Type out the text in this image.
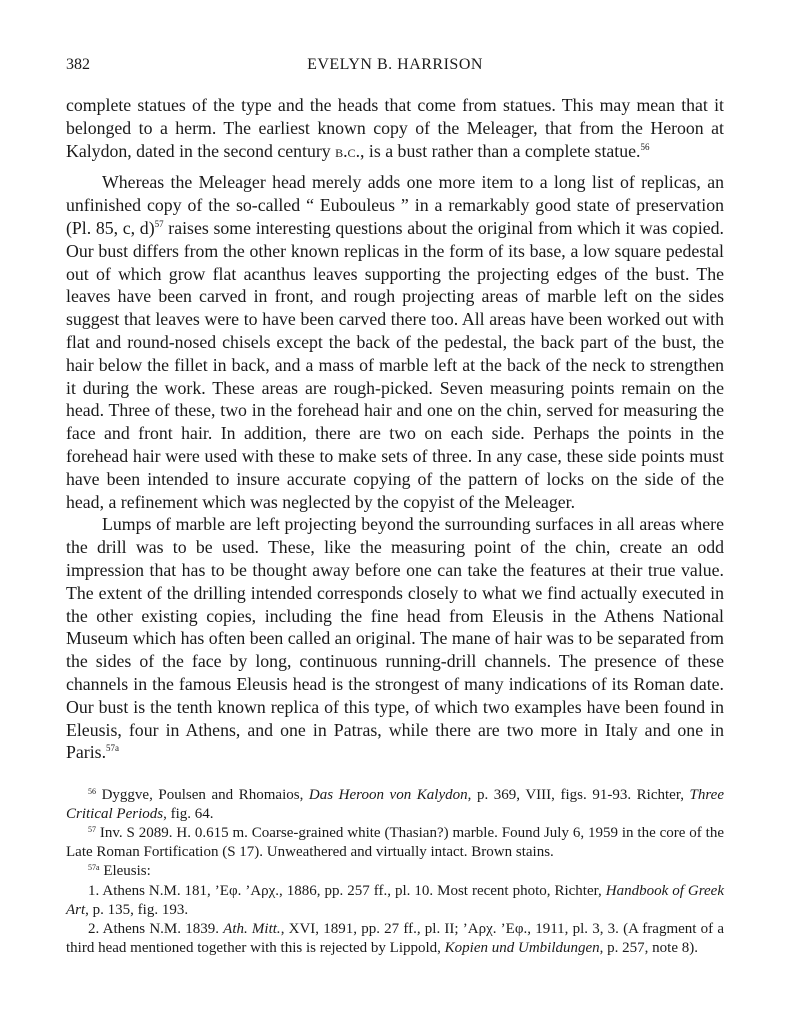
382	EVELYN B. HARRISON

complete statues of the type and the heads that come from statues. This may mean that it belonged to a herm. The earliest known copy of the Meleager, that from the Heroon at Kalydon, dated in the second century b.c., is a bust rather than a complete statue.$^{56}$

Whereas the Meleager head merely adds one more item to a long list of replicas, an unfinished copy of the so-called “ Eubouleus ” in a remarkably good state of preservation (Pl. 85, c, d)$^{57}$ raises some interesting questions about the original from which it was copied. Our bust differs from the other known replicas in the form of its base, a low square pedestal out of which grow flat acanthus leaves supporting the projecting edges of the bust. The leaves have been carved in front, and rough projecting areas of marble left on the sides suggest that leaves were to have been carved there too. All areas have been worked out with flat and round-nosed chisels except the back of the pedestal, the back part of the bust, the hair below the fillet in back, and a mass of marble left at the back of the neck to strengthen it during the work. These areas are rough-picked. Seven measuring points remain on the head. Three of these, two in the forehead hair and one on the chin, served for measuring the face and front hair. In addition, there are two on each side. Perhaps the points in the forehead hair were used with these to make sets of three. In any case, these side points must have been intended to insure accurate copying of the pattern of locks on the side of the head, a refinement which was neglected by the copyist of the Meleager.

Lumps of marble are left projecting beyond the surrounding surfaces in all areas where the drill was to be used. These, like the measuring point of the chin, create an odd impression that has to be thought away before one can take the features at their true value. The extent of the drilling intended corresponds closely to what we find actually executed in the other existing copies, including the fine head from Eleusis in the Athens National Museum which has often been called an original. The mane of hair was to be separated from the sides of the face by long, continuous running-drill channels. The presence of these channels in the famous Eleusis head is the strongest of many indications of its Roman date. Our bust is the tenth known replica of this type, of which two examples have been found in Eleusis, four in Athens, and one in Patras, while there are two more in Italy and one in Paris.$^{57a}$

$^{56}$ Dyggve, Poulsen and Rhomaios, Das Heroon von Kalydon, p. 369, VIII, figs. 91-93. Richter, Three Critical Periods, fig. 64.

$^{57}$ Inv. S 2089. H. 0.615 m. Coarse-grained white (Thasian?) marble. Found July 6, 1959 in the core of the Late Roman Fortification (S 17). Unweathered and virtually intact. Brown stains.

$^{57a}$ Eleusis:

1. Athens N.M. 181, ’Eφ. ’Aρχ., 1886, pp. 257 ff., pl. 10. Most recent photo, Richter, Handbook of Greek Art, p. 135, fig. 193.

2. Athens N.M. 1839. Ath. Mitt., XVI, 1891, pp. 27 ff., pl. II; ’Aρχ. ’Eφ., 1911, pl. 3, 3. (A fragment of a third head mentioned together with this is rejected by Lippold, Kopien und Umbildungen, p. 257, note 8).
